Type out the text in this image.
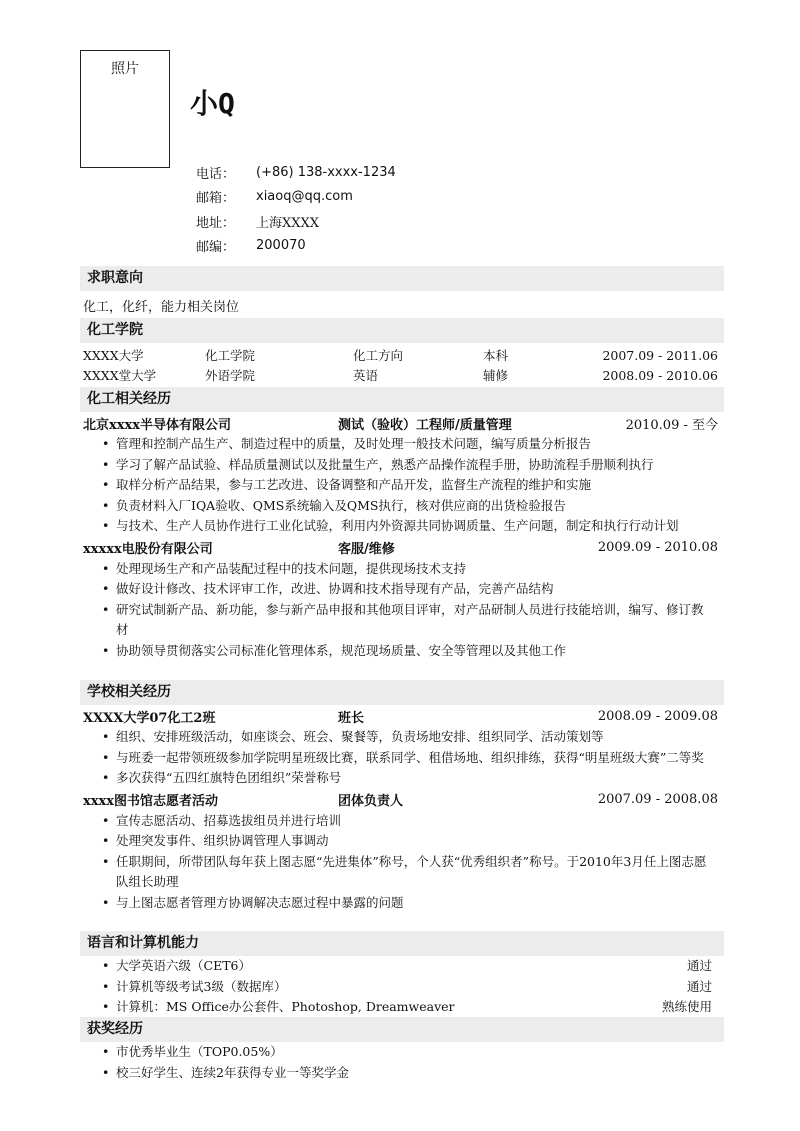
照片
小Q
电话：	(+86) 138-xxxx-1234
邮箱：	xiaoq@qq.com
地址：	上海XXXX
邮编：	200070
求职意向
化工，化纤，能力相关岗位
化工学院
XXXX大学	化工学院	化工方向	本科	2007.09 - 2011.06
XXXX堂大学	外语学院	英语	辅修	2008.09 - 2010.06
化工相关经历
北京xxxx半导体有限公司	测试（验收）工程师/质量管理	2010.09 - 至今
• 管理和控制产品生产、制造过程中的质量，及时处理一般技术问题，编写质量分析报告
• 学习了解产品试验、样品质量测试以及批量生产，熟悉产品操作流程手册，协助流程手册顺利执行
• 取样分析产品结果，参与工艺改进、设备调整和产品开发，监督生产流程的维护和实施
• 负责材料入厂IQA验收、QMS系统输入及QMS执行，核对供应商的出货检验报告
• 与技术、生产人员协作进行工业化试验，利用内外资源共同协调质量、生产问题，制定和执行行动计划
xxxxx电股份有限公司	客服/维修	2009.09 - 2010.08
• 处理现场生产和产品装配过程中的技术问题，提供现场技术支持
• 做好设计修改、技术评审工作，改进、协调和技术指导现有产品，完善产品结构
• 研究试制新产品、新功能，参与新产品申报和其他项目评审，对产品研制人员进行技能培训，编写、修订教材
• 协助领导贯彻落实公司标准化管理体系，规范现场质量、安全等管理以及其他工作
学校相关经历
XXXX大学07化工2班	班长	2008.09 - 2009.08
• 组织、安排班级活动，如座谈会、班会、聚餐等，负责场地安排、组织同学、活动策划等
• 与班委一起带领班级参加学院明星班级比赛，联系同学、租借场地、组织排练，获得“明星班级大赛”二等奖
• 多次获得“五四红旗特色团组织”荣誉称号
xxxx图书馆志愿者活动	团体负责人	2007.09 - 2008.08
• 宣传志愿活动、招募选拔组员并进行培训
• 处理突发事件、组织协调管理人事调动
• 任职期间，所带团队每年获上图志愿“先进集体”称号，个人获“优秀组织者”称号。于2010年3月任上图志愿队组长助理
• 与上图志愿者管理方协调解决志愿过程中暴露的问题
语言和计算机能力
• 大学英语六级（CET6）	通过
• 计算机等级考试3级（数据库）	通过
• 计算机：MS Office办公套件、Photoshop, Dreamweaver	熟练使用
获奖经历
• 市优秀毕业生（TOP0.05%）
• 校三好学生、连续2年获得专业一等奖学金
